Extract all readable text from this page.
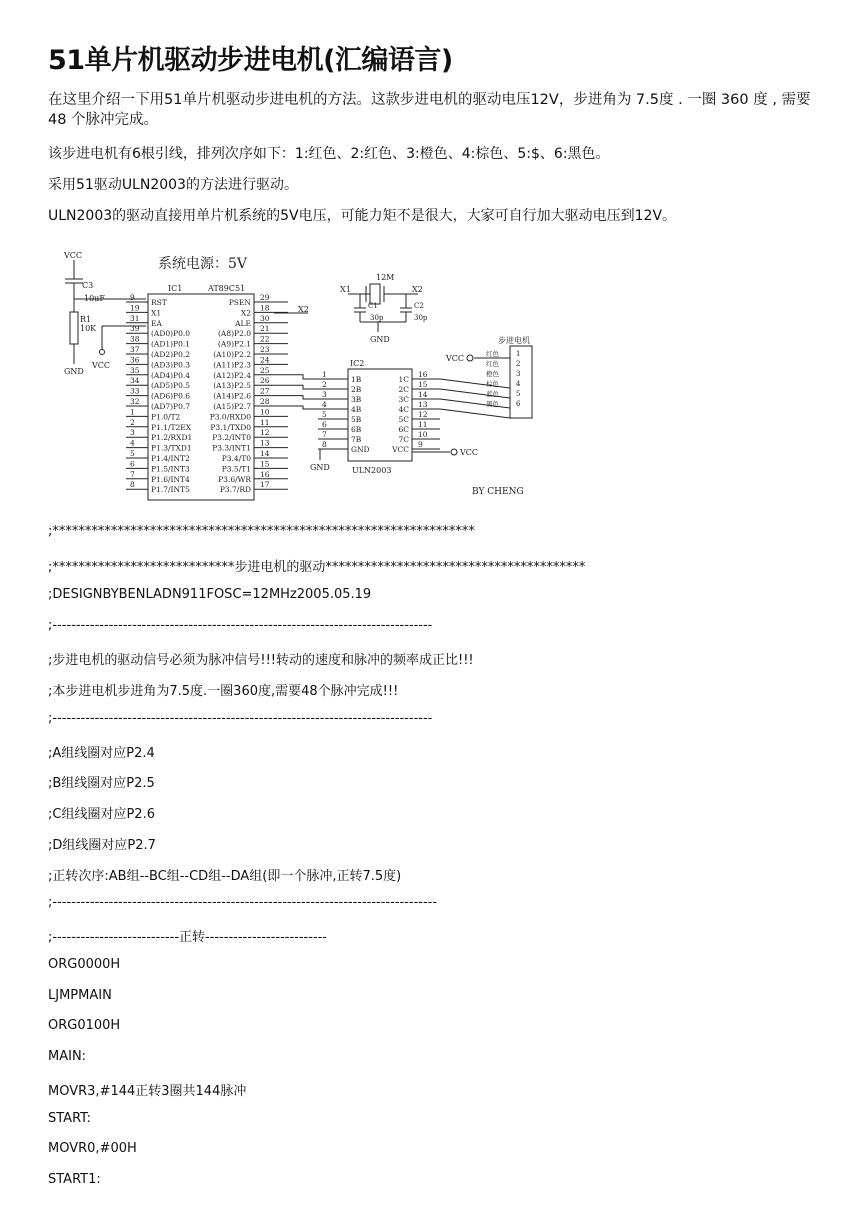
51单片机驱动步进电机(汇编语言)

在这里介绍一下用51单片机驱动步进电机的方法。这款步进电机的驱动电压12V，步进角为 7.5度 . 一圈 360 度 , 需要 48 个脉冲完成。

该步进电机有6根引线，排列次序如下：1:红色、2:红色、3:橙色、4:棕色、5:$、6:黑色。

采用51驱动ULN2003的方法进行驱动。

ULN2003的驱动直接用单片机系统的5V电压，可能力矩不是很大，大家可自行加大驱动电压到12V。

;*****************************************************************

;****************************步进电机的驱动****************************************

;DESIGNBYBENLADN911FOSC=12MHz2005.05.19

;---------------------------------------------------------------------------------

;步进电机的驱动信号必须为脉冲信号!!!转动的速度和脉冲的频率成正比!!!

;本步进电机步进角为7.5度.一圈360度,需要48个脉冲完成!!!

;---------------------------------------------------------------------------------

;A组线圈对应P2.4

;B组线圈对应P2.5

;C组线圈对应P2.6

;D组线圈对应P2.7

;正转次序:AB组--BC组--CD组--DA组(即一个脉冲,正转7.5度)

;----------------------------------------------------------------------------------

;---------------------------正转--------------------------

ORG0000H

LJMPMAIN

ORG0100H

MAIN:

MOVR3,#144正转3圈共144脉冲

START:

MOVR0,#00H

START1:

9
RST
19
X1
31
EA
39
(AD0)P0.0
38
(AD1)P0.1
37
(AD2)P0.2
36
(AD3)P0.3
35
(AD4)P0.4
34
(AD5)P0.5
33
(AD6)P0.6
32
(AD7)P0.7
1
P1.0/T2
2
P1.1/T2EX
3
P1.2/RXD1
4
P1.3/TXD1
5
P1.4/INT2
6
P1.5/INT3
7
P1.6/INT4
8
P1.7/INT5
29
PSEN
18
X2
30
ALE
21
(A8)P2.0
22
(A9)P2.1
23
(A10)P2.2
24
(A11)P2.3
25
(A12)P2.4
26
(A13)P2.5
27
(A14)P2.6
28
(A15)P2.7
10
P3.0/RXD0
11
P3.1/TXD0
12
P3.2/INT0
13
P3.3/INT1
14
P3.4/T0
15
P3.5/T1
16
P3.6/WR
17
P3.7/RD
1
1B
2
2B
3
3B
4
4B
5
5B
6
6B
7
7B
8
GND
16
1C
15
2C
14
3C
13
4C
12
5C
11
6C
10
7C
9
VCC
红色 1
红色 2
橙色 3
棕色 4
蓝色 5
黑色 6
系统电源：5V
VCC
C3
10uF
R1
10K
GND
VCC
IC1	AT89C51
IC2
ULN2003
X1	X2
X2
12M
C1	C2
30p	30p
GND
GND
VCC
VCC
步进电机
BY CHENG
